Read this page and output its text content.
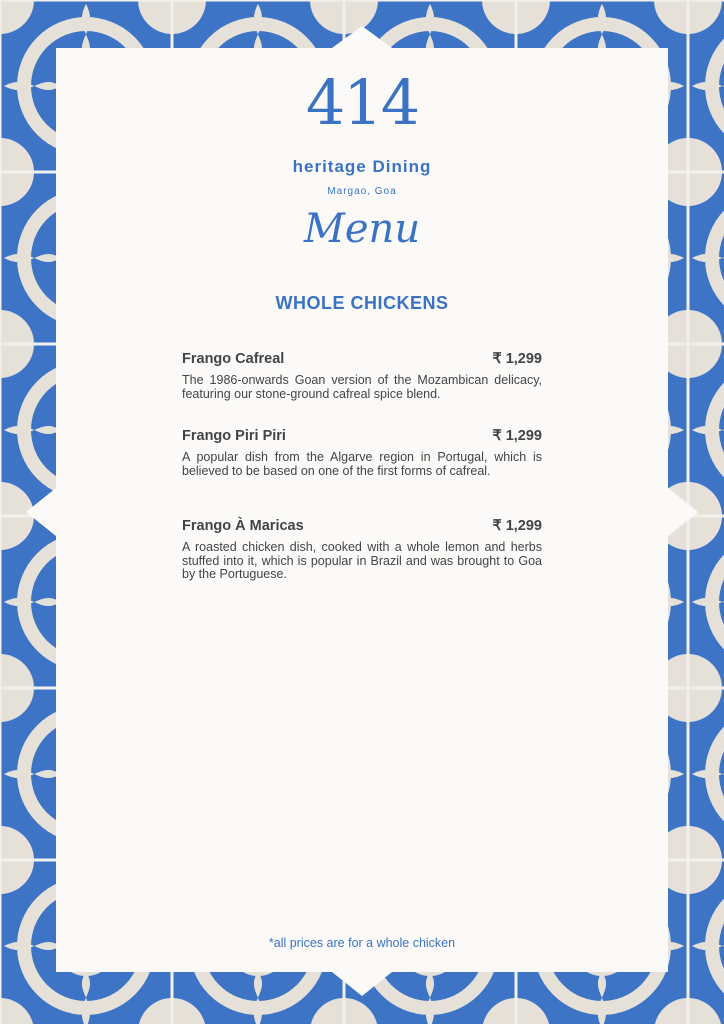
414
heritage Dining
Margao, Goa
Menu
WHOLE CHICKENS
Frango Cafreal	₹ 1,299
The 1986-onwards Goan version of the Mozambican delicacy, featuring our stone-ground cafreal spice blend.
Frango Piri Piri	₹ 1,299
A popular dish from the Algarve region in Portugal, which is believed to be based on one of the first forms of cafreal.
Frango À Maricas	₹ 1,299
A roasted chicken dish, cooked with a whole lemon and herbs stuffed into it, which is popular in Brazil and was brought to Goa by the Portuguese.
*all prices are for a whole chicken
